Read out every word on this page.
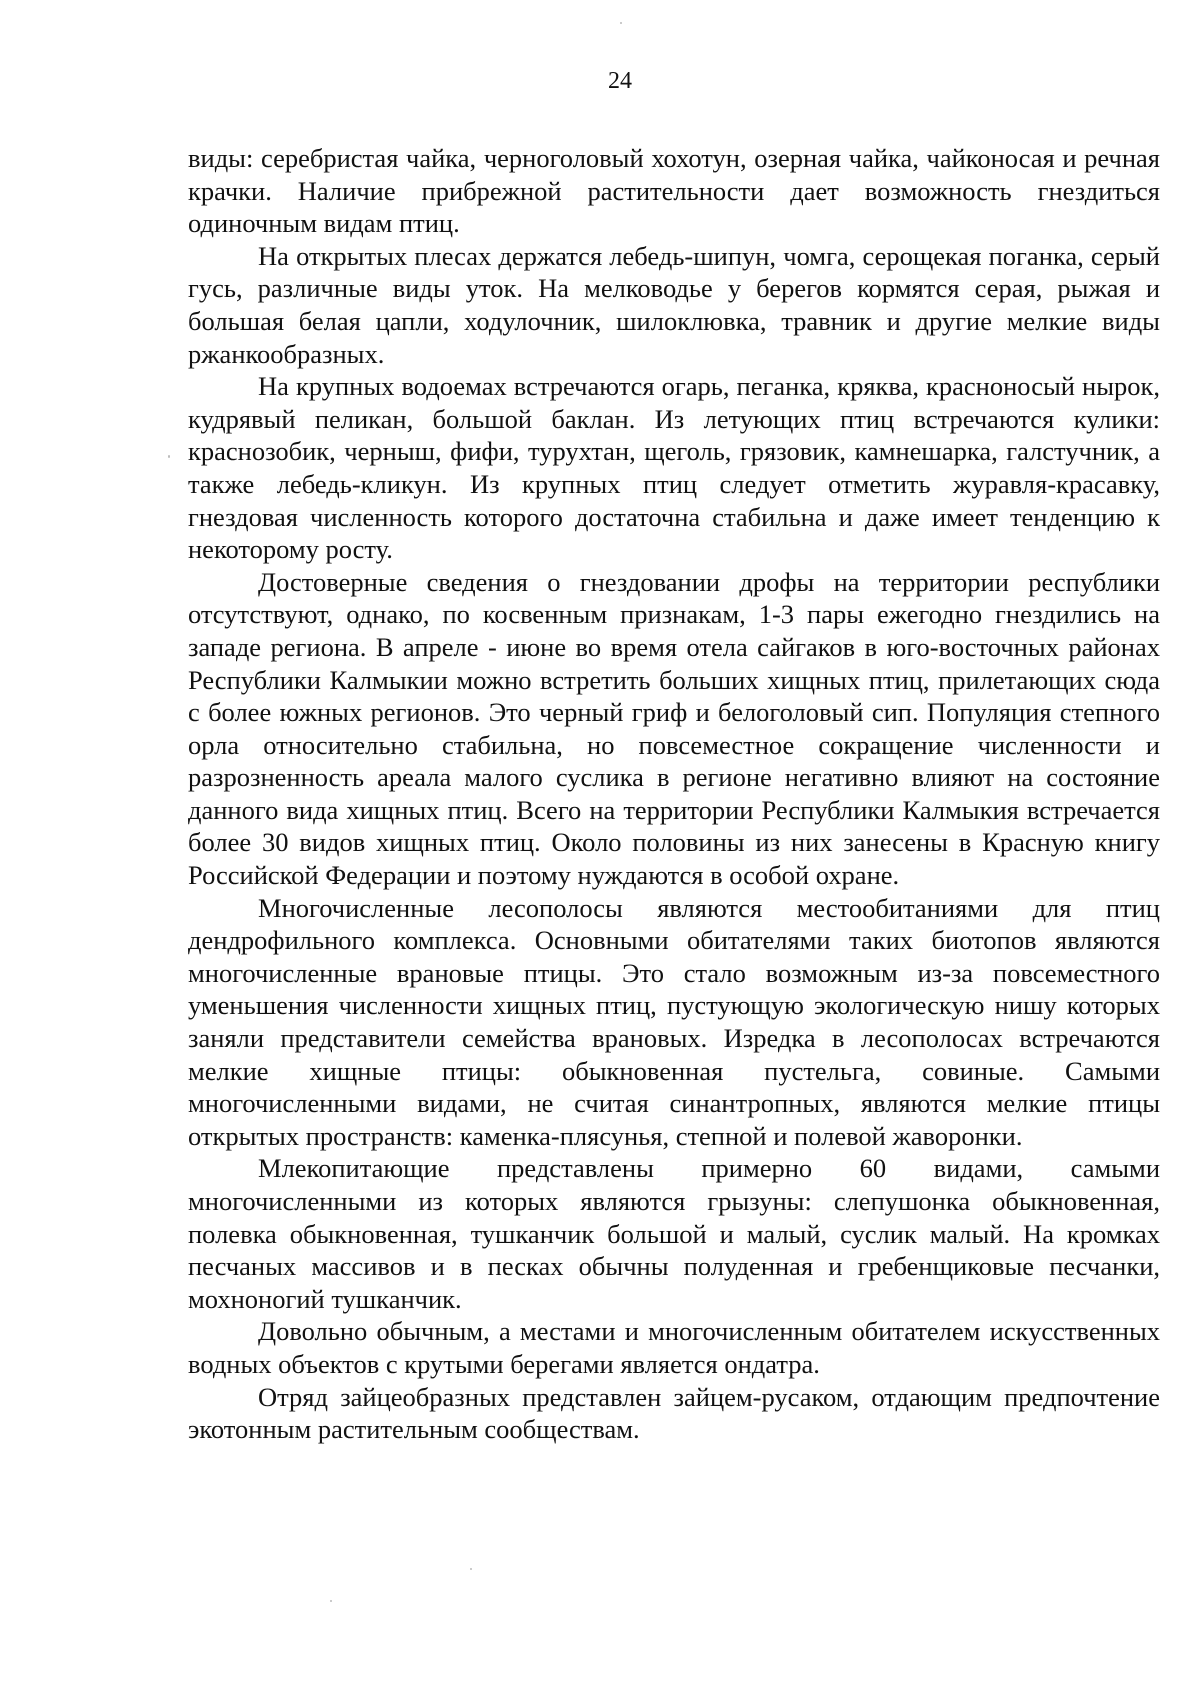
24

виды: серебристая чайка, черноголовый хохотун, озерная чайка, чайконосая и речная крачки. Наличие прибрежной растительности дает возможность гнездиться одиночным видам птиц.

На открытых плесах держатся лебедь-шипун, чомга, серощекая поганка, серый гусь, различные виды уток. На мелководье у берегов кормятся серая, рыжая и большая белая цапли, ходулочник, шилоклювка, травник и другие мелкие виды ржанкообразных.

На крупных водоемах встречаются огарь, пеганка, кряква, красноносый нырок, кудрявый пеликан, большой баклан. Из летующих птиц встречаются кулики: краснозобик, черныш, фифи, турухтан, щеголь, грязовик, камнешарка, галстучник, а также лебедь-кликун. Из крупных птиц следует отметить журавля-красавку, гнездовая численность которого достаточна стабильна и даже имеет тенденцию к некоторому росту.

Достоверные сведения о гнездовании дрофы на территории республики отсутствуют, однако, по косвенным признакам, 1-3 пары ежегодно гнездились на западе региона. В апреле - июне во время отела сайгаков в юго-восточных районах Республики Калмыкии можно встретить больших хищных птиц, прилетающих сюда с более южных регионов. Это черный гриф и белоголовый сип. Популяция степного орла относительно стабильна, но повсеместное сокращение численности и разрозненность ареала малого суслика в регионе негативно влияют на состояние данного вида хищных птиц. Всего на территории Республики Калмыкия встречается более 30 видов хищных птиц. Около половины из них занесены в Красную книгу Российской Федерации и поэтому нуждаются в особой охране.

Многочисленные лесополосы являются местообитаниями для птиц дендрофильного комплекса. Основными обитателями таких биотопов являются многочисленные врановые птицы. Это стало возможным из-за повсеместного уменьшения численности хищных птиц, пустующую экологическую нишу которых заняли представители семейства врановых. Изредка в лесополосах встречаются мелкие хищные птицы: обыкновенная пустельга, совиные. Самыми многочисленными видами, не считая синантропных, являются мелкие птицы открытых пространств: каменка-плясунья, степной и полевой жаворонки.

Млекопитающие представлены примерно 60 видами, самыми многочисленными из которых являются грызуны: слепушонка обыкновенная, полевка обыкновенная, тушканчик большой и малый, суслик малый. На кромках песчаных массивов и в песках обычны полуденная и гребенщиковые песчанки, мохноногий тушканчик.

Довольно обычным, а местами и многочисленным обитателем искусственных водных объектов с крутыми берегами является ондатра.

Отряд зайцеобразных представлен зайцем-русаком, отдающим предпочтение экотонным растительным сообществам.
